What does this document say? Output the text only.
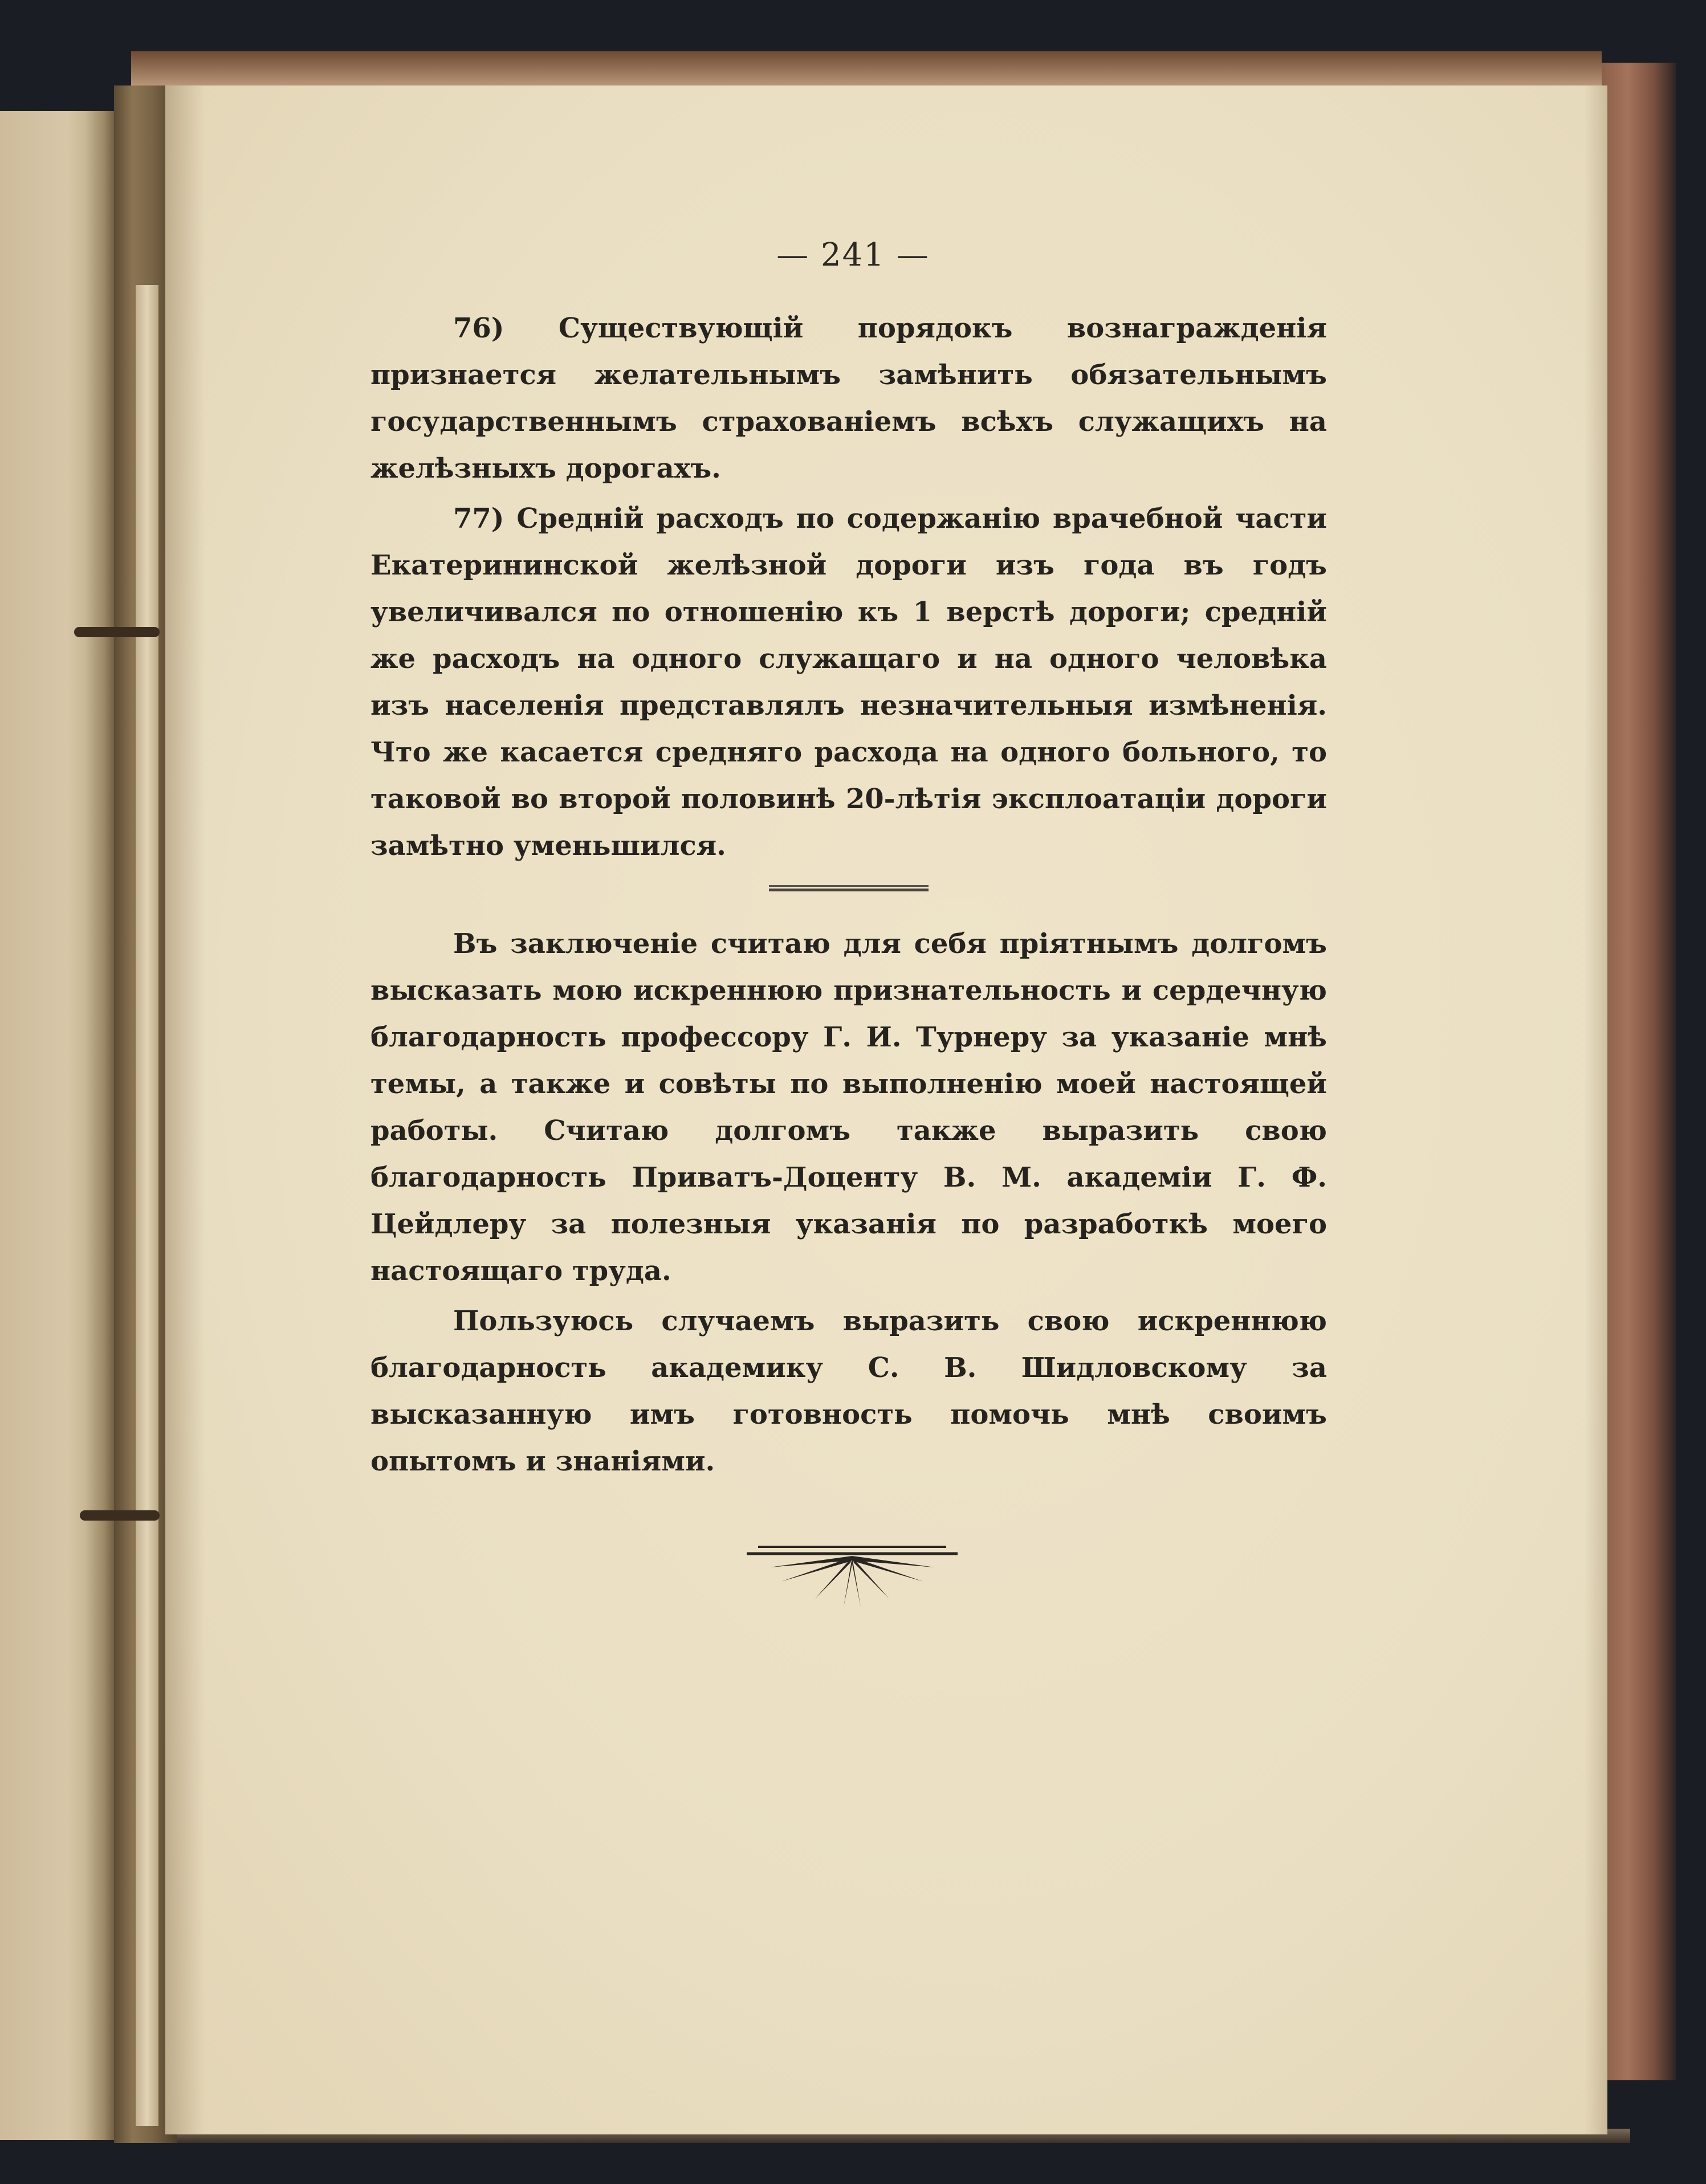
— 241 —

76) Существующій порядокъ вознагражденія признается желательнымъ замѣнить обязательнымъ государственнымъ страхованіемъ всѣхъ служащихъ на желѣзныхъ дорогахъ.

77) Средній расходъ по содержанію врачебной части Екатерининской желѣзной дороги изъ года въ годъ увеличивался по отношенію къ 1 верстѣ дороги; средній же расходъ на одного служащаго и на одного человѣка изъ населенія представлялъ незначительныя измѣненія. Что же касается средняго расхода на одного больного, то таковой во второй половинѣ 20-лѣтія эксплоатаціи дороги замѣтно уменьшился.

Въ заключеніе считаю для себя пріятнымъ долгомъ высказать мою искреннюю признательность и сердечную благодарность профессору Г. И. Турнеру за указаніе мнѣ темы, а также и совѣты по выполненію моей настоящей работы. Считаю долгомъ также выразить свою благодарность Приватъ-Доценту В. М. академіи Г. Ф. Цейдлеру за полезныя указанія по разработкѣ моего настоящаго труда.

Пользуюсь случаемъ выразить свою искреннюю благодарность академику С. В. Шидловскому за высказанную имъ готовность помочь мнѣ своимъ опытомъ и знаніями.
